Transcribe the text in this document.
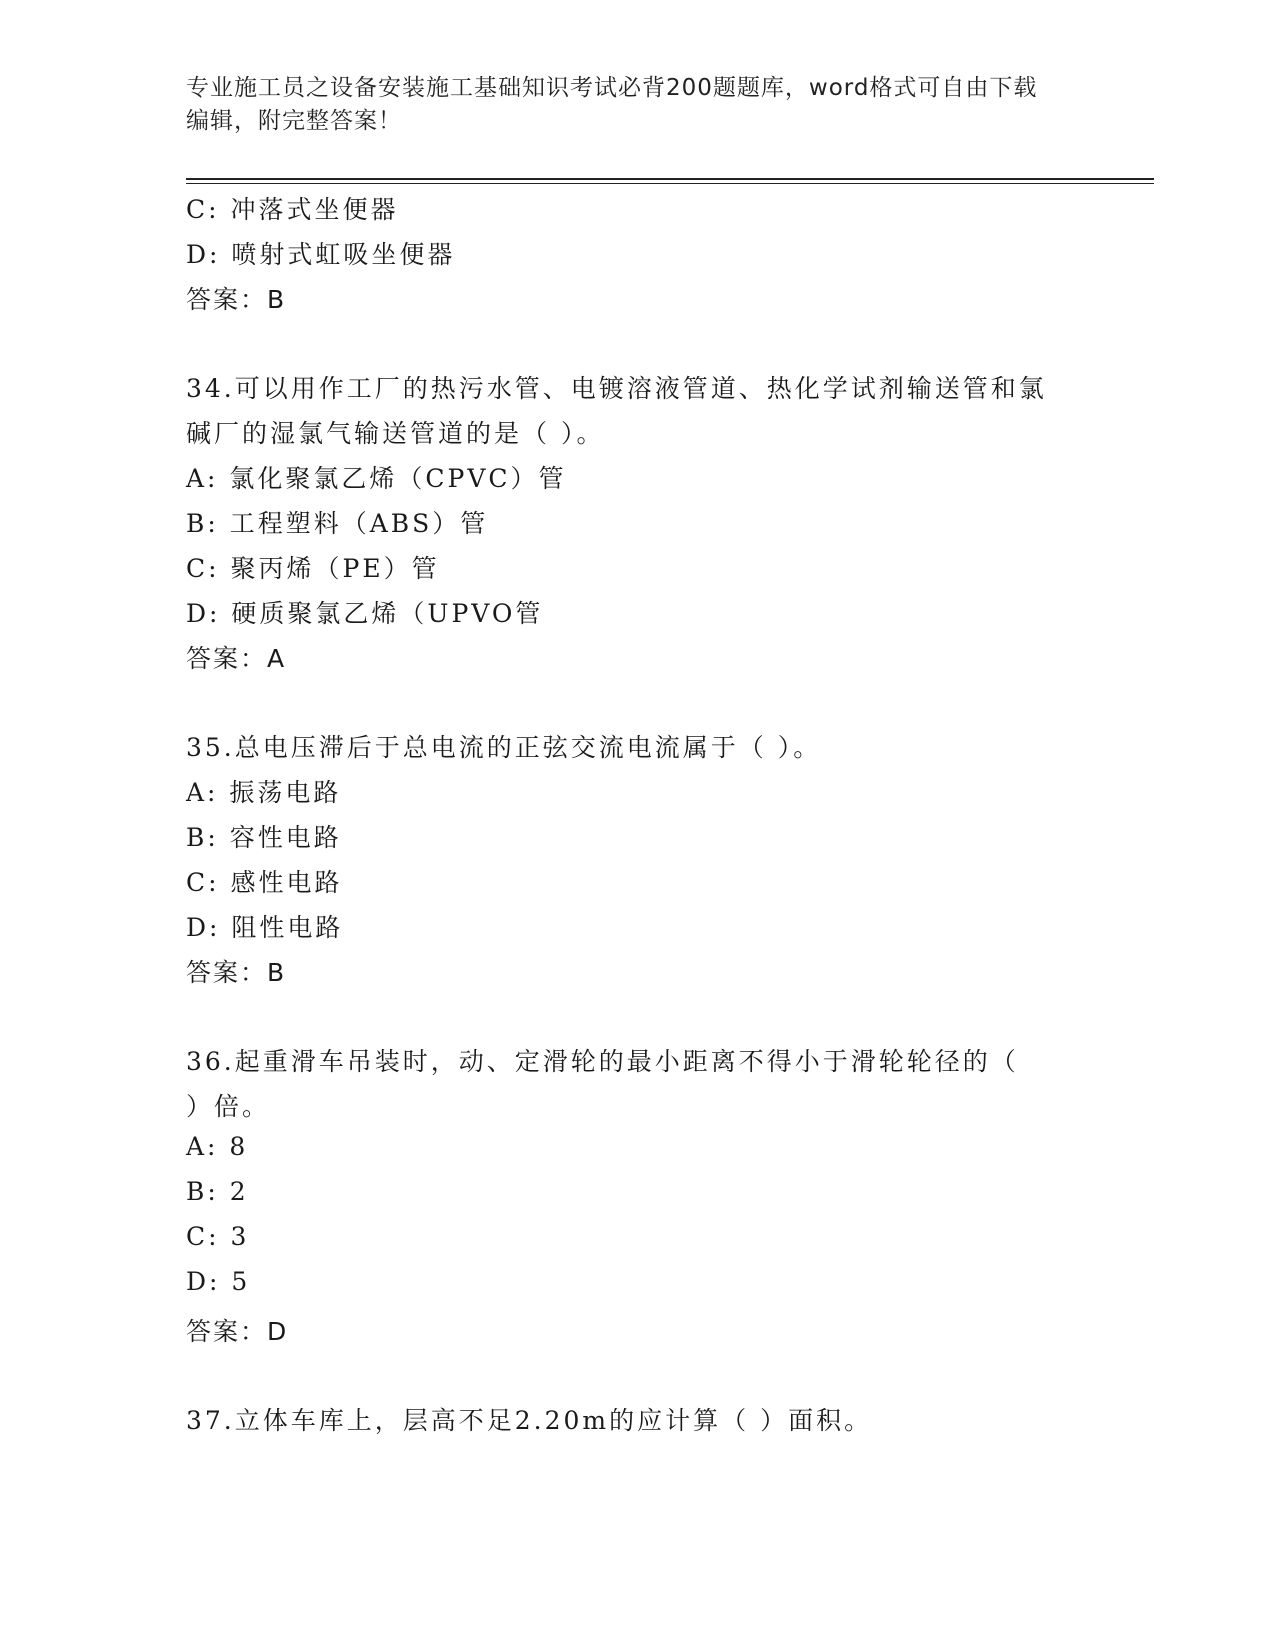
专业施工员之设备安装施工基础知识考试必背200题题库，word格式可自由下载
编辑，附完整答案！
C: 冲落式坐便器
D: 喷射式虹吸坐便器
答案：B
34.可以用作工厂的热污水管、电镀溶液管道、热化学试剂输送管和氯
碱厂的湿氯气输送管道的是（ ）。
A: 氯化聚氯乙烯（CPVC）管
B: 工程塑料（ABS）管
C: 聚丙烯（PE）管
D: 硬质聚氯乙烯（UPVO管
答案：A
35.总电压滞后于总电流的正弦交流电流属于（ ）。
A: 振荡电路
B: 容性电路
C: 感性电路
D: 阻性电路
答案：B
36.起重滑车吊装时，动、定滑轮的最小距离不得小于滑轮轮径的（
）倍。
A: 8
B: 2
C: 3
D: 5
答案：D
37.立体车库上，层高不足2.20m的应计算（ ）面积。
